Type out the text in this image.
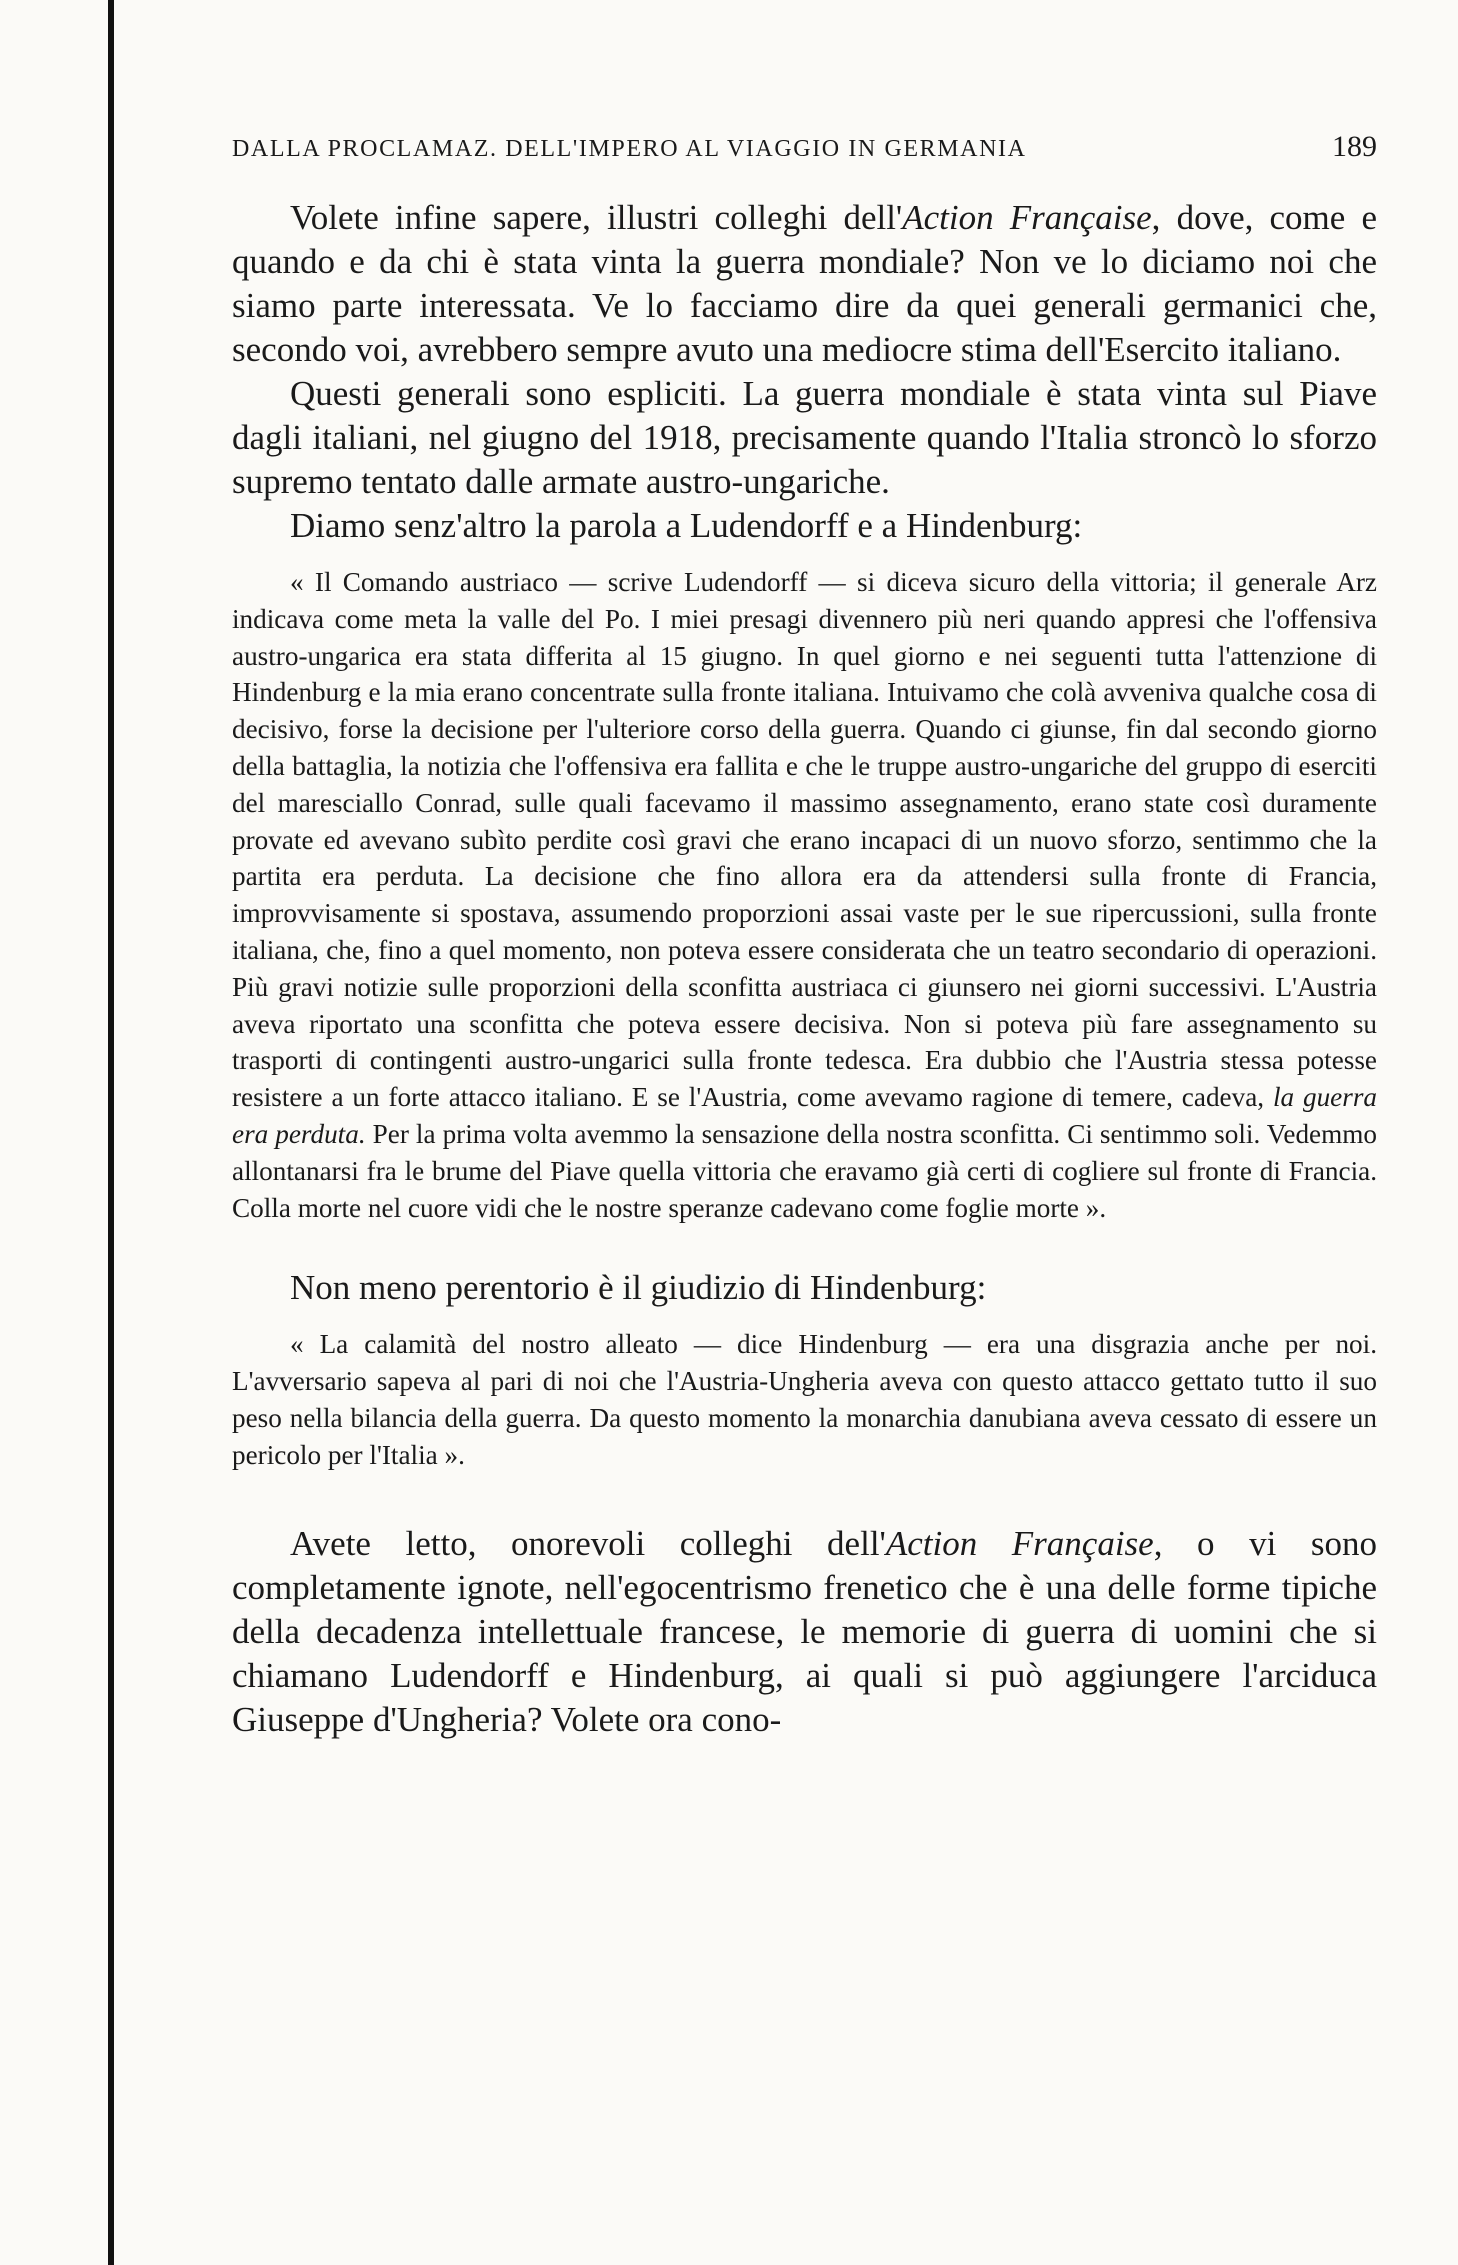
DALLA PROCLAMAZ. DELL'IMPERO AL VIAGGIO IN GERMANIA	189

Volete infine sapere, illustri colleghi dell'Action Française, dove, come e quando e da chi è stata vinta la guerra mondiale? Non ve lo diciamo noi che siamo parte interessata. Ve lo facciamo dire da quei generali germanici che, secondo voi, avrebbero sempre avuto una mediocre stima dell'Esercito italiano.

Questi generali sono espliciti. La guerra mondiale è stata vinta sul Piave dagli italiani, nel giugno del 1918, precisamente quando l'Italia stroncò lo sforzo supremo tentato dalle armate austro-ungariche.

Diamo senz'altro la parola a Ludendorff e a Hindenburg:

« Il Comando austriaco — scrive Ludendorff — si diceva sicuro della vittoria; il generale Arz indicava come meta la valle del Po. I miei presagi divennero più neri quando appresi che l'offensiva austro-ungarica era stata differita al 15 giugno. In quel giorno e nei seguenti tutta l'attenzione di Hindenburg e la mia erano concentrate sulla fronte italiana. Intuivamo che colà avveniva qualche cosa di decisivo, forse la decisione per l'ulteriore corso della guerra. Quando ci giunse, fin dal secondo giorno della battaglia, la notizia che l'offensiva era fallita e che le truppe austro-ungariche del gruppo di eserciti del maresciallo Conrad, sulle quali facevamo il massimo assegnamento, erano state così duramente provate ed avevano subìto perdite così gravi che erano incapaci di un nuovo sforzo, sentimmo che la partita era perduta. La decisione che fino allora era da attendersi sulla fronte di Francia, improvvisamente si spostava, assumendo proporzioni assai vaste per le sue ripercussioni, sulla fronte italiana, che, fino a quel momento, non poteva essere considerata che un teatro secondario di operazioni. Più gravi notizie sulle proporzioni della sconfitta austriaca ci giunsero nei giorni successivi. L'Austria aveva riportato una sconfitta che poteva essere decisiva. Non si poteva più fare assegnamento su trasporti di contingenti austro-ungarici sulla fronte tedesca. Era dubbio che l'Austria stessa potesse resistere a un forte attacco italiano. E se l'Austria, come avevamo ragione di temere, cadeva, la guerra era perduta. Per la prima volta avemmo la sensazione della nostra sconfitta. Ci sentimmo soli. Vedemmo allontanarsi fra le brume del Piave quella vittoria che eravamo già certi di cogliere sul fronte di Francia. Colla morte nel cuore vidi che le nostre speranze cadevano come foglie morte ».

Non meno perentorio è il giudizio di Hindenburg:

« La calamità del nostro alleato — dice Hindenburg — era una disgrazia anche per noi. L'avversario sapeva al pari di noi che l'Austria-Ungheria aveva con questo attacco gettato tutto il suo peso nella bilancia della guerra. Da questo momento la monarchia danubiana aveva cessato di essere un pericolo per l'Italia ».

Avete letto, onorevoli colleghi dell'Action Française, o vi sono completamente ignote, nell'egocentrismo frenetico che è una delle forme tipiche della decadenza intellettuale francese, le memorie di guerra di uomini che si chiamano Ludendorff e Hindenburg, ai quali si può aggiungere l'arciduca Giuseppe d'Ungheria? Volete ora cono-
